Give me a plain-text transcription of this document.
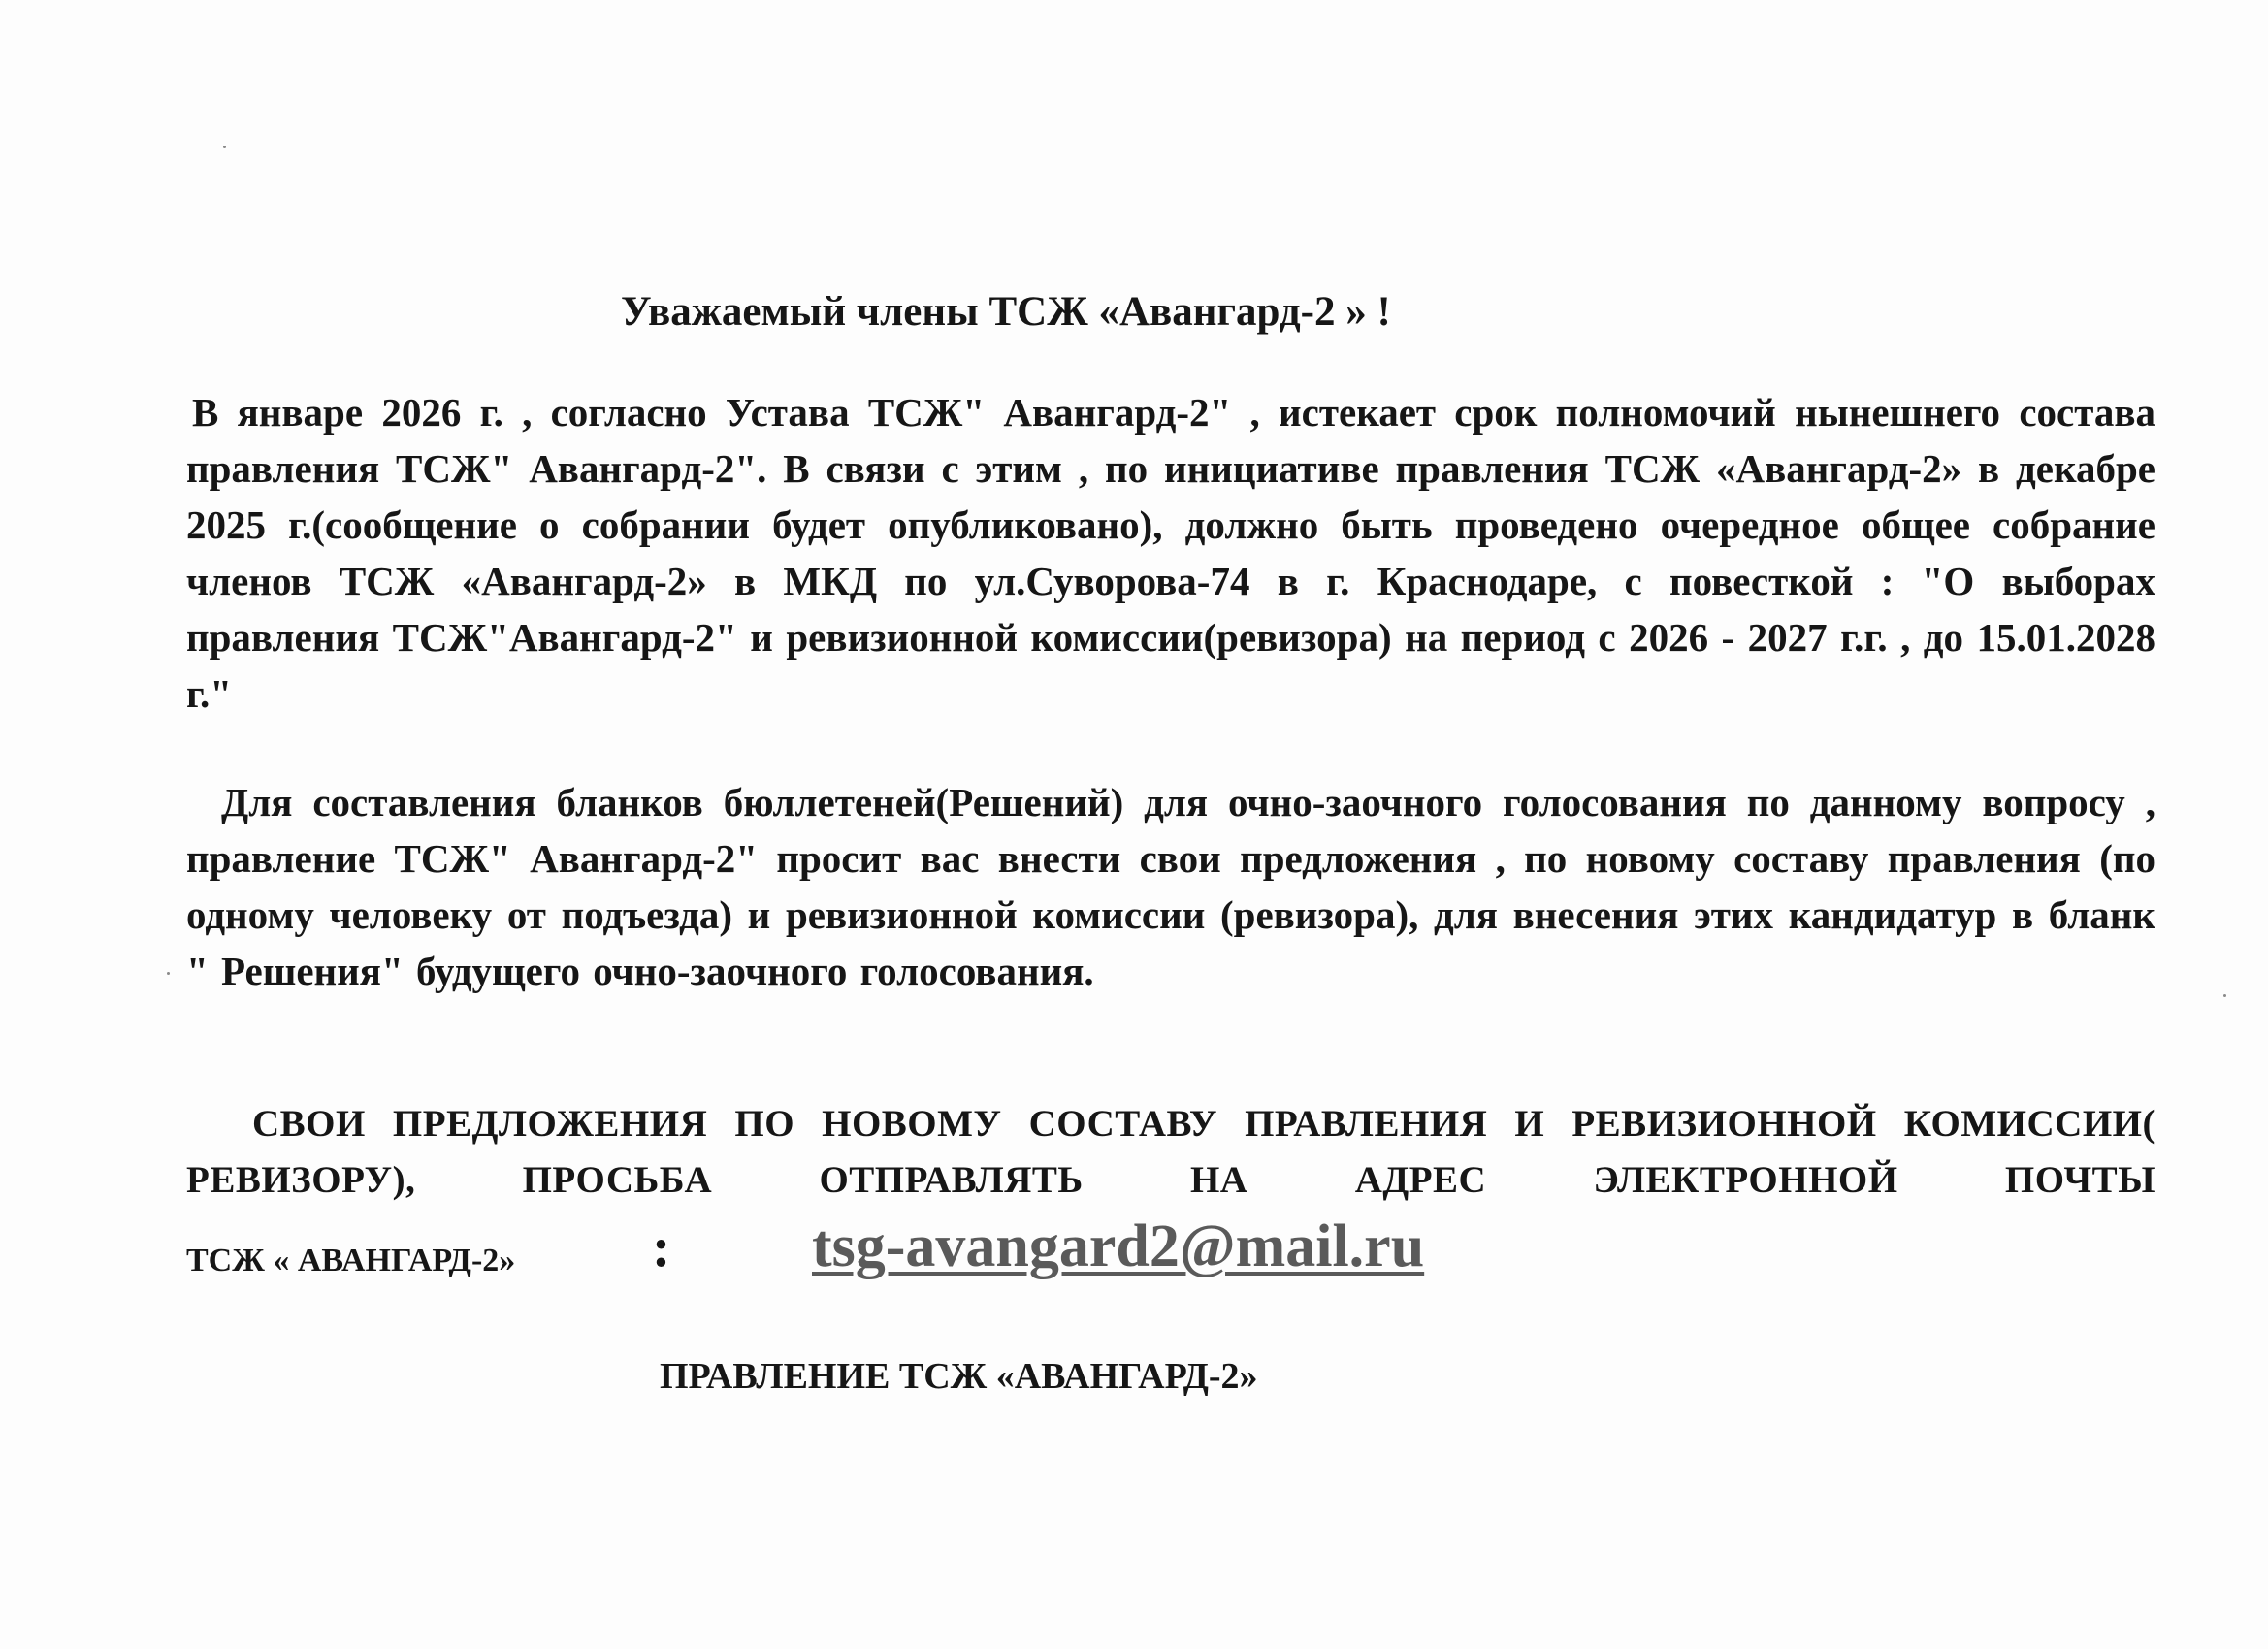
Уважаемый члены ТСЖ «Авангард-2 » !
В январе 2026 г. , согласно Устава ТСЖ" Авангард-2" , истекает срок полномочий нынешнего состава правления ТСЖ" Авангард-2". В связи с этим , по инициативе правления ТСЖ «Авангард-2» в декабре 2025 г.(сообщение о собрании будет опубликовано), должно быть проведено очередное общее собрание членов ТСЖ «Авангард-2» в МКД по ул.Суворова-74 в г. Краснодаре, с повесткой : "О выборах правления ТСЖ"Авангард-2" и ревизионной комиссии(ревизора) на период с 2026 - 2027 г.г. , до 15.01.2028 г."
Для составления бланков бюллетеней(Решений) для очно-заочного голосования по данному вопросу , правление ТСЖ" Авангард-2" просит вас внести свои предложения , по новому составу правления (по одному человеку от подъезда) и ревизионной комиссии (ревизора), для внесения этих кандидатур в бланк " Решения" будущего очно-заочного голосования.
СВОИ ПРЕДЛОЖЕНИЯ ПО НОВОМУ СОСТАВУ ПРАВЛЕНИЯ И РЕВИЗИОННОЙ КОМИССИИ( РЕВИЗОРУ), ПРОСЬБА ОТПРАВЛЯТЬ НА АДРЕС ЭЛЕКТРОННОЙ ПОЧТЫ
ТСЖ « АВАНГАРД-2» : tsg-avangard2@mail.ru
ПРАВЛЕНИЕ ТСЖ «АВАНГАРД-2»
